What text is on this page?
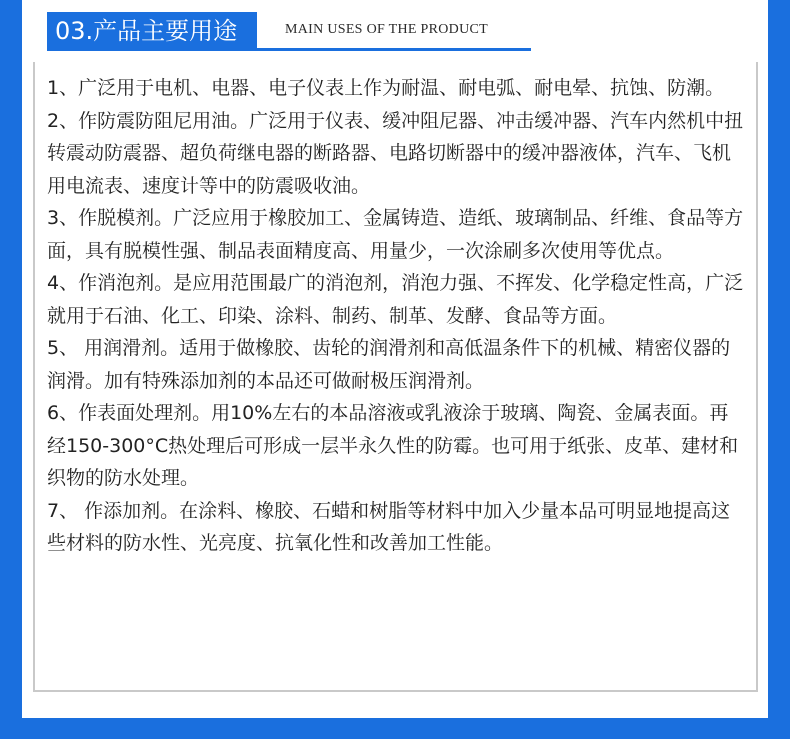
03.产品主要用途	MAIN USES OF THE PRODUCT

1、广泛用于电机、电器、电子仪表上作为耐温、耐电弧、耐电晕、抗蚀、防潮。

2、作防震防阻尼用油。广泛用于仪表、缓冲阻尼器、冲击缓冲器、汽车内然机中扭转震动防震器、超负荷继电器的断路器、电路切断器中的缓冲器液体，汽车、飞机用电流表、速度计等中的防震吸收油。

3、作脱模剂。广泛应用于橡胶加工、金属铸造、造纸、玻璃制品、纤维、食品等方面，具有脱模性强、制品表面精度高、用量少，一次涂刷多次使用等优点。

4、作消泡剂。是应用范围最广的消泡剂，消泡力强、不挥发、化学稳定性高，广泛就用于石油、化工、印染、涂料、制药、制革、发酵、食品等方面。

5、 用润滑剂。适用于做橡胶、齿轮的润滑剂和高低温条件下的机械、精密仪器的润滑。加有特殊添加剂的本品还可做耐极压润滑剂。

6、作表面处理剂。用10%左右的本品溶液或乳液涂于玻璃、陶瓷、金属表面。再经150-300°C热处理后可形成一层半永久性的防霉。也可用于纸张、皮革、建材和织物的防水处理。

7、 作添加剂。在涂料、橡胶、石蜡和树脂等材料中加入少量本品可明显地提高这些材料的防水性、光亮度、抗氧化性和改善加工性能。
